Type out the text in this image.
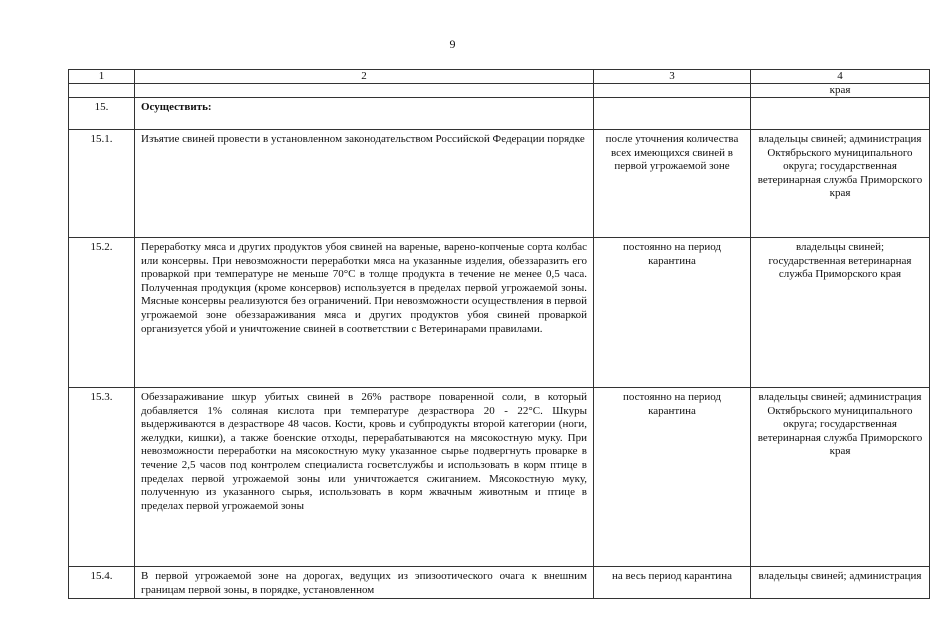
9
1	2	3	4
			края
15.	Осуществить:		
15.1.	Изъятие свиней провести в установленном законодательством Российской Федерации порядке	после уточнения количества всех имеющихся свиней в первой угрожаемой зоне	владельцы свиней; администрация Октябрьского муниципального округа; государственная ветеринарная служба Приморского края
15.2.	Переработку мяса и других продуктов убоя свиней на вареные, варено-копченые сорта колбас или консервы. При невозможности переработки мяса на указанные изделия, обеззаразить его проваркой при температуре не меньше 70°С в толще продукта в течение не менее 0,5 часа. Полученная продукция (кроме консервов) используется в пределах первой угрожаемой зоны. Мясные консервы реализуются без ограничений. При невозможности осуществления в первой угрожаемой зоне обеззараживания мяса и других продуктов убоя свиней проваркой организуется убой и уничтожение свиней в соответствии с Ветеринарами правилами.	постоянно на период карантина	владельцы свиней; государственная ветеринарная служба Приморского края
15.3.	Обеззараживание шкур убитых свиней в 26% растворе поваренной соли, в который добавляется 1% соляная кислота при температуре дезраствора 20 - 22°С. Шкуры выдерживаются в дезрастворе 48 часов. Кости, кровь и субпродукты второй категории (ноги, желудки, кишки), а также боенские отходы, перерабатываются на мясокостную муку. При невозможности переработки на мясокостную муку указанное сырье подвергнуть проварке в течение 2,5 часов под контролем специалиста госветслужбы и использовать в корм птице в пределах первой угрожаемой зоны или уничтожается сжиганием. Мясокостную муку, полученную из указанного сырья, использовать в корм жвачным животным и птице в пределах первой угрожаемой зоны	постоянно на период карантина	владельцы свиней; администрация Октябрьского муниципального округа; государственная ветеринарная служба Приморского края
15.4.	В первой угрожаемой зоне на дорогах, ведущих из эпизоотического очага к внешним границам первой зоны, в порядке, установленном	на весь период карантина	владельцы свиней; администрация
